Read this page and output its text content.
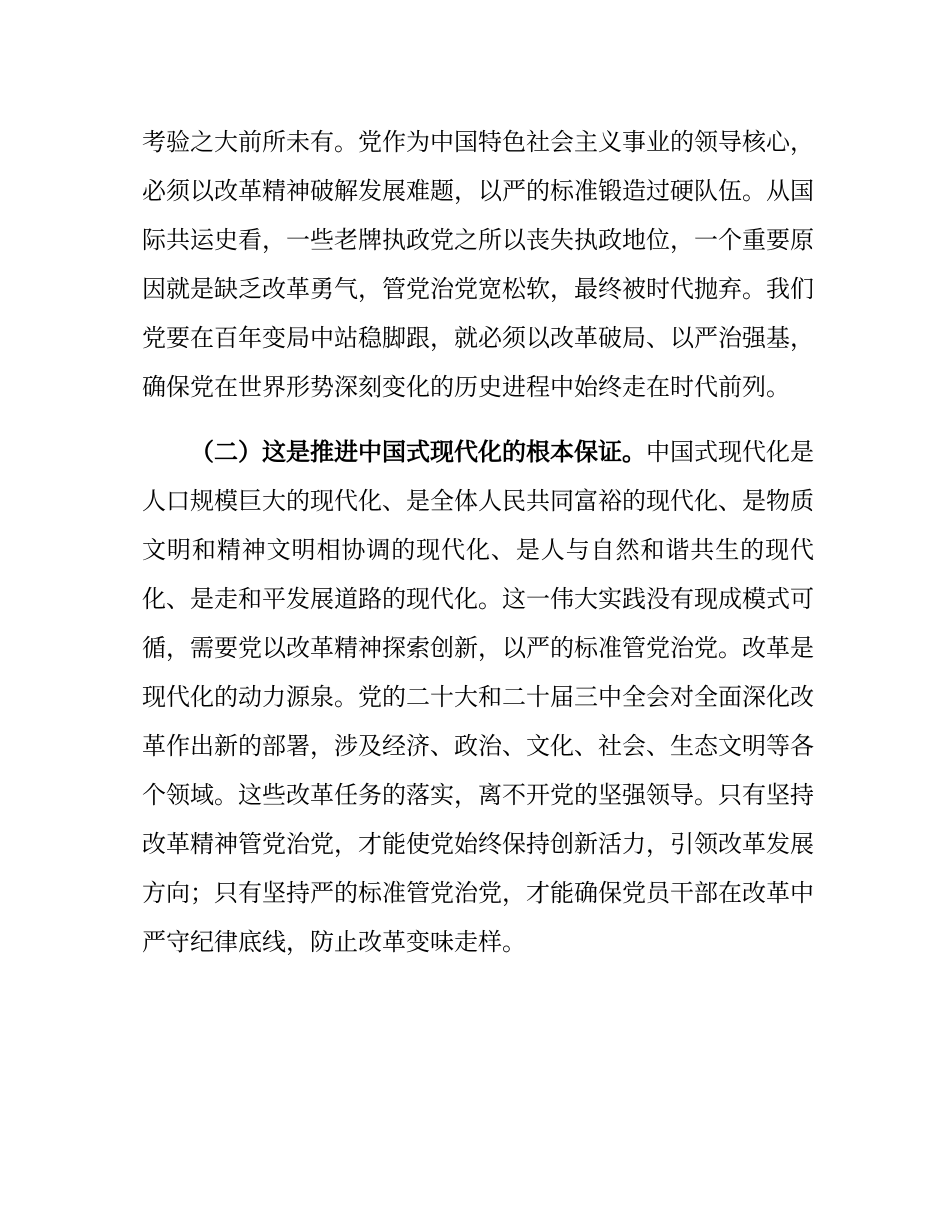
考验之大前所未有。党作为中国特色社会主义事业的领导核心，必须以改革精神破解发展难题，以严的标准锻造过硬队伍。从国际共运史看，一些老牌执政党之所以丧失执政地位，一个重要原因就是缺乏改革勇气，管党治党宽松软，最终被时代抛弃。我们党要在百年变局中站稳脚跟，就必须以改革破局、以严治强基，确保党在世界形势深刻变化的历史进程中始终走在时代前列。

（二）这是推进中国式现代化的根本保证。中国式现代化是人口规模巨大的现代化、是全体人民共同富裕的现代化、是物质文明和精神文明相协调的现代化、是人与自然和谐共生的现代化、是走和平发展道路的现代化。这一伟大实践没有现成模式可循，需要党以改革精神探索创新，以严的标准管党治党。改革是现代化的动力源泉。党的二十大和二十届三中全会对全面深化改革作出新的部署，涉及经济、政治、文化、社会、生态文明等各个领域。这些改革任务的落实，离不开党的坚强领导。只有坚持改革精神管党治党，才能使党始终保持创新活力，引领改革发展方向；只有坚持严的标准管党治党，才能确保党员干部在改革中严守纪律底线，防止改革变味走样。
